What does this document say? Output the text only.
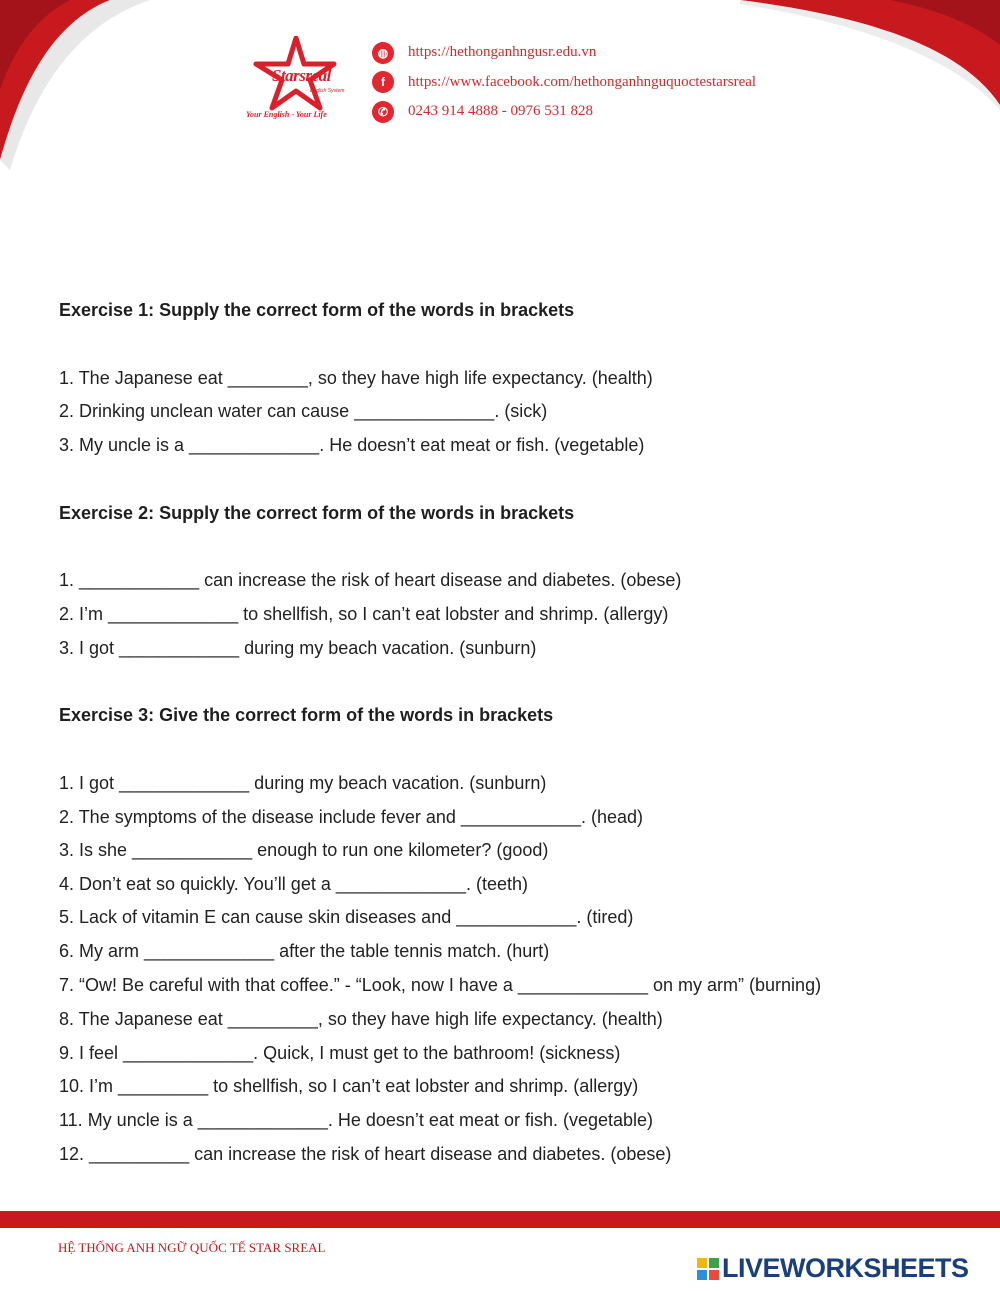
Starsreal
English System
Your English - Your Life
◍	https://hethonganhngusr.edu.vn
f	https://www.facebook.com/hethonganhnguquoctestarsreal
✆	0243 914 4888 - 0976 531 828
Exercise 1: Supply the correct form of the words in brackets
1. The Japanese eat ________, so they have high life expectancy. (health)
2. Drinking unclean water can cause ______________. (sick)
3. My uncle is a _____________. He doesn’t eat meat or fish. (vegetable)
Exercise 2: Supply the correct form of the words in brackets
1. ____________ can increase the risk of heart disease and diabetes. (obese)
2. I’m _____________ to shellfish, so I can’t eat lobster and shrimp. (allergy)
3. I got ____________ during my beach vacation. (sunburn)
Exercise 3: Give the correct form of the words in brackets
1. I got _____________ during my beach vacation. (sunburn)
2. The symptoms of the disease include fever and ____________. (head)
3. Is she ____________ enough to run one kilometer? (good)
4. Don’t eat so quickly. You’ll get a _____________. (teeth)
5. Lack of vitamin E can cause skin diseases and ____________. (tired)
6. My arm _____________ after the table tennis match. (hurt)
7. “Ow! Be careful with that coffee.” - “Look, now I have a _____________ on my arm” (burning)
8. The Japanese eat _________, so they have high life expectancy. (health)
9. I feel _____________. Quick, I must get to the bathroom! (sickness)
10. I’m _________ to shellfish, so I can’t eat lobster and shrimp. (allergy)
11. My uncle is a _____________. He doesn’t eat meat or fish. (vegetable)
12. __________ can increase the risk of heart disease and diabetes. (obese)
HỆ THỐNG ANH NGỮ QUỐC TẾ STAR SREAL
LIVEWORKSHEETS
